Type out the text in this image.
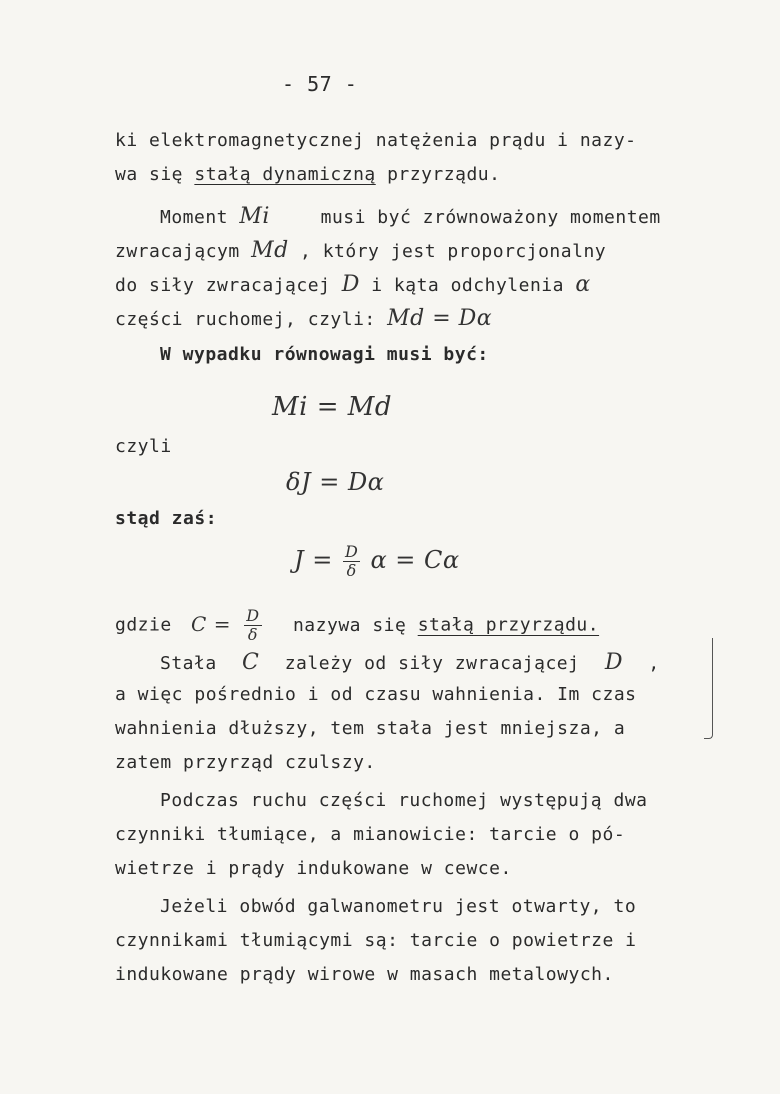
- 57 -
ki elektromagnetycznej natężenia prądu i nazy-
wa się stałą dynamiczną przyrządu.
Moment Mi	musi być zrównoważony momentem
zwracającym Md , który jest proporcjonalny
do siły zwracającej D i kąta odchylenia α
części ruchomej, czyli: Md = Dα
W wypadku równowagi musi być:
Mi = Md
czyli
δJ = Dα
stąd zaś:
$J = \frac{D}{\delta}$ α = Cα
gdzie $C = \frac{D}{\delta}$ nazywa się stałą przyrządu.
Stała C zależy od siły zwracającej D ,
a więc pośrednio i od czasu wahnienia. Im czas
wahnienia dłuższy, tem stała jest mniejsza, a
zatem przyrząd czulszy.
Podczas ruchu części ruchomej występują dwa
czynniki tłumiące, a mianowicie: tarcie o pó-
wietrze i prądy indukowane w cewce.
Jeżeli obwód galwanometru jest otwarty, to
czynnikami tłumiącymi są: tarcie o powietrze i
indukowane prądy wirowe w masach metalowych.
